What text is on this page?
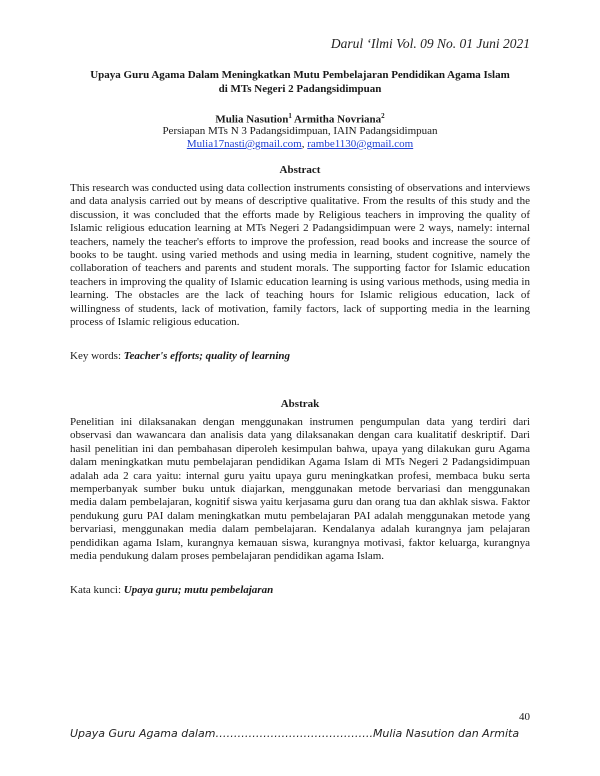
Darul ‘Ilmi Vol. 09 No. 01 Juni 2021
Upaya Guru Agama Dalam Meningkatkan Mutu Pembelajaran Pendidikan Agama Islam
di MTs Negeri 2 Padangsidimpuan
Mulia Nasution$^1$ Armitha Novriana$^2$
Persiapan MTs N 3 Padangsidimpuan, IAIN Padangsidimpuan
Mulia17nasti@gmail.com, rambe1130@gmail.com
Abstract
This research was conducted using data collection instruments consisting of observations and interviews and data analysis carried out by means of descriptive qualitative. From the results of this study and the discussion, it was concluded that the efforts made by Religious teachers in improving the quality of Islamic religious education learning at MTs Negeri 2 Padangsidimpuan were 2 ways, namely: internal teachers, namely the teacher's efforts to improve the profession, read books and increase the source of books to be taught. using varied methods and using media in learning, student cognitive, namely the collaboration of teachers and parents and student morals. The supporting factor for Islamic education teachers in improving the quality of Islamic education learning is using various methods, using media in learning. The obstacles are the lack of teaching hours for Islamic religious education, lack of willingness of students, lack of motivation, family factors, lack of supporting media in the learning process of Islamic religious education.
Key words: Teacher's efforts; quality of learning
Abstrak
Penelitian ini dilaksanakan dengan menggunakan instrumen pengumpulan data yang terdiri dari observasi dan wawancara dan analisis data yang dilaksanakan dengan cara kualitatif deskriptif. Dari hasil penelitian ini dan pembahasan diperoleh kesimpulan bahwa, upaya yang dilakukan guru Agama dalam meningkatkan mutu pembelajaran pendidikan Agama Islam di MTs Negeri 2 Padangsidimpuan adalah ada 2 cara yaitu: internal guru yaitu upaya guru meningkatkan profesi, membaca buku serta memperbanyak sumber buku untuk diajarkan, menggunakan metode bervariasi dan menggunakan media dalam pembelajaran, kognitif siswa yaitu kerjasama guru dan orang tua dan akhlak siswa. Faktor pendukung guru PAI dalam meningkatkan mutu pembelajaran PAI adalah menggunakan metode yang bervariasi, menggunakan media dalam pembelajaran. Kendalanya adalah kurangnya jam pelajaran pendidikan agama Islam, kurangnya kemauan siswa, kurangnya motivasi, faktor keluarga, kurangnya media pendukung dalam proses pembelajaran pendidikan agama Islam.
Kata kunci: Upaya guru; mutu pembelajaran
40
Upaya Guru Agama dalam…………………………………….Mulia Nasution dan Armita
